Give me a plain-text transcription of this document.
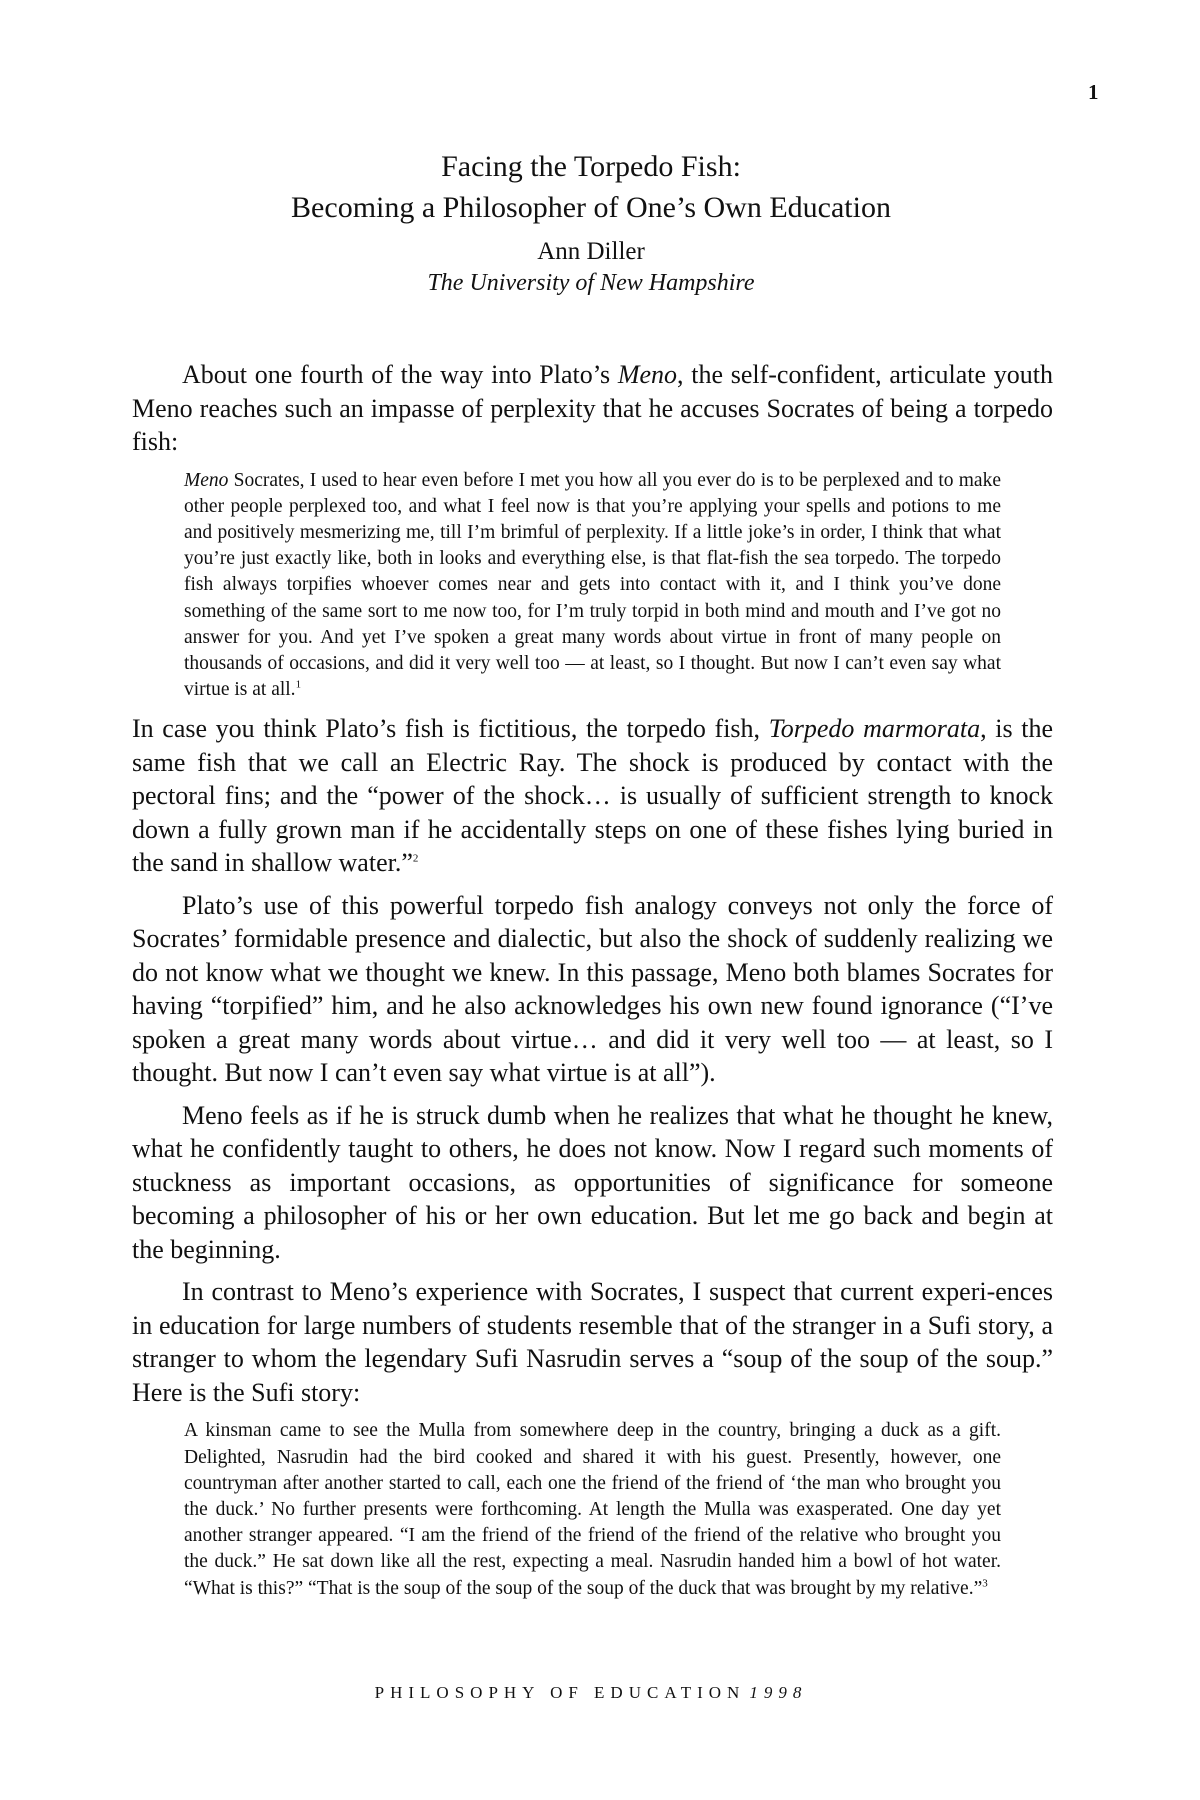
1
Facing the Torpedo Fish:
Becoming a Philosopher of One’s Own Education
Ann Diller
The University of New Hampshire

About one fourth of the way into Plato’s Meno, the self-confident, articulate youth Meno reaches such an impasse of perplexity that he accuses Socrates of being a torpedo fish:

Meno Socrates, I used to hear even before I met you how all you ever do is to be perplexed and to make other people perplexed too, and what I feel now is that you’re applying your spells and potions to me and positively mesmerizing me, till I’m brimful of perplexity. If a little joke’s in order, I think that what you’re just exactly like, both in looks and everything else, is that flat-fish the sea torpedo. The torpedo fish always torpifies whoever comes near and gets into contact with it, and I think you’ve done something of the same sort to me now too, for I’m truly torpid in both mind and mouth and I’ve got no answer for you. And yet I’ve spoken a great many words about virtue in front of many people on thousands of occasions, and did it very well too — at least, so I thought. But now I can’t even say what virtue is at all.$^1$

In case you think Plato’s fish is fictitious, the torpedo fish, Torpedo marmorata, is the same fish that we call an Electric Ray. The shock is produced by contact with the pectoral fins; and the “power of the shock… is usually of sufficient strength to knock down a fully grown man if he accidentally steps on one of these fishes lying buried in the sand in shallow water.”$^2$

Plato’s use of this powerful torpedo fish analogy conveys not only the force of Socrates’ formidable presence and dialectic, but also the shock of suddenly realizing we do not know what we thought we knew. In this passage, Meno both blames Socrates for having “torpified” him, and he also acknowledges his own new found ignorance (“I’ve spoken a great many words about virtue… and did it very well too — at least, so I thought. But now I can’t even say what virtue is at all”).

Meno feels as if he is struck dumb when he realizes that what he thought he knew, what he confidently taught to others, he does not know. Now I regard such moments of stuckness as important occasions, as opportunities of significance for someone becoming a philosopher of his or her own education. But let me go back and begin at the beginning.

In contrast to Meno’s experience with Socrates, I suspect that current experi-ences in education for large numbers of students resemble that of the stranger in a Sufi story, a stranger to whom the legendary Sufi Nasrudin serves a “soup of the soup of the soup.” Here is the Sufi story:

A kinsman came to see the Mulla from somewhere deep in the country, bringing a duck as a gift. Delighted, Nasrudin had the bird cooked and shared it with his guest. Presently, however, one countryman after another started to call, each one the friend of the friend of ‘the man who brought you the duck.’ No further presents were forthcoming. At length the Mulla was exasperated. One day yet another stranger appeared. “I am the friend of the friend of the friend of the relative who brought you the duck.” He sat down like all the rest, expecting a meal. Nasrudin handed him a bowl of hot water. “What is this?” “That is the soup of the soup of the soup of the duck that was brought by my relative.”$^3$

PHILOSOPHY OF EDUCATION 1998
